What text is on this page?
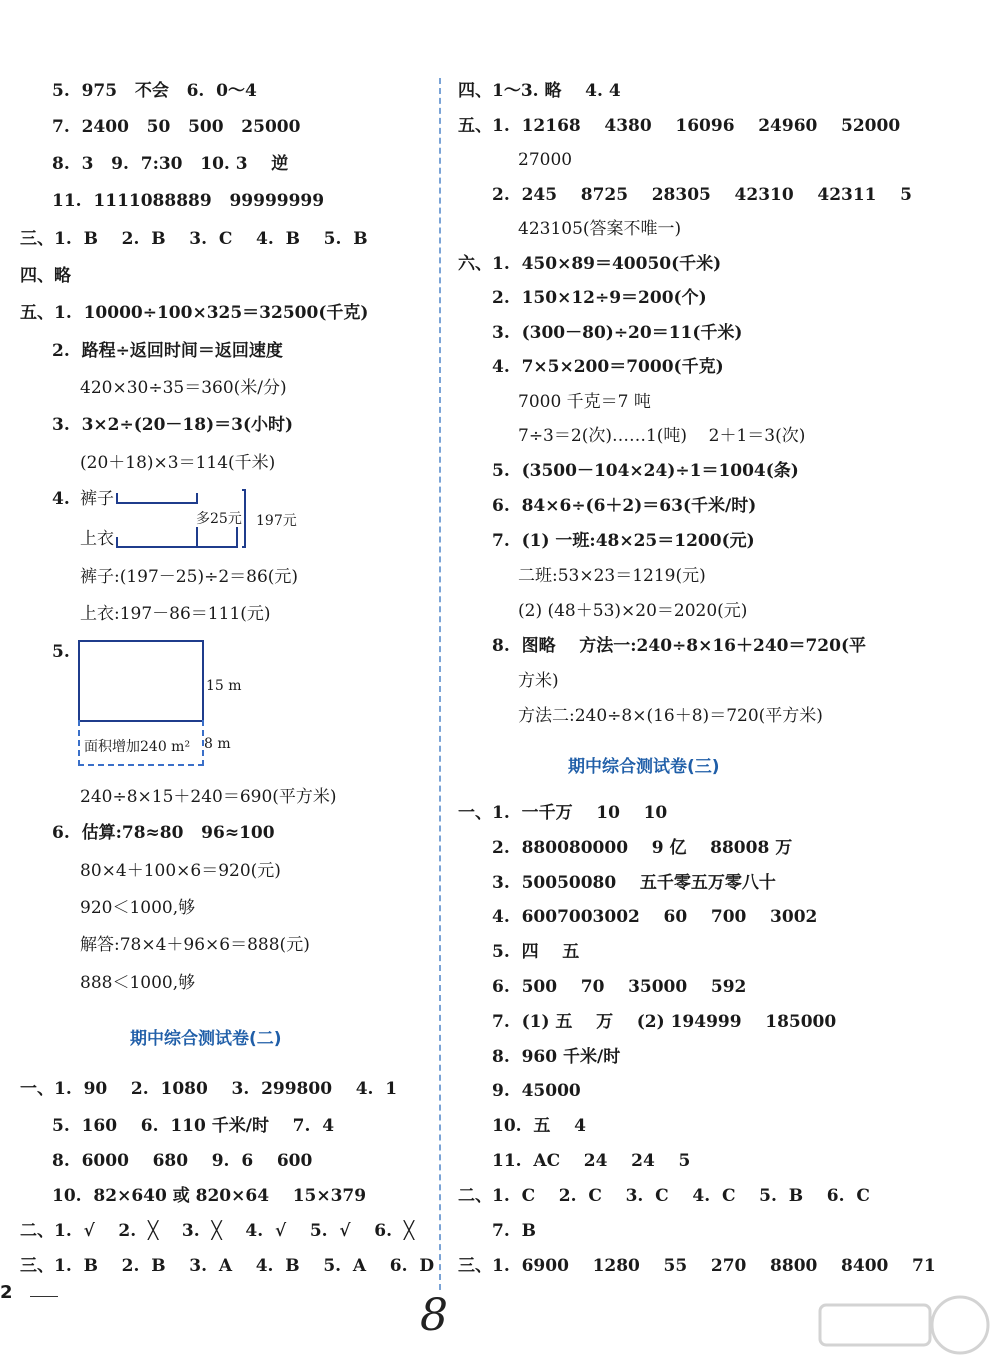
5.  975   不会   6.  0～4
7.  2400   50   500   25000
8.  3   9.  7:30   10. 3    逆
11.  1111088889   99999999
三、1.  B    2.  B    3.  C    4.  B    5.  B
四、略
五、1.  10000÷100×325＝32500(千克)
2.  路程÷返回时间＝返回速度
420×30÷35＝360(米/分)
3.  3×2÷(20－18)＝3(小时)
(20＋18)×3＝114(千米)
4. 裤子
上衣
多25元 197元
裤子:(197－25)÷2＝86(元)
上衣:197－86＝111(元)
5.
15 m
面积增加240 m² 8 m
240÷8×15＋240＝690(平方米)
6.  估算:78≈80   96≈100
80×4＋100×6＝920(元)
920＜1000,够
解答:78×4＋96×6＝888(元)
888＜1000,够
期中综合测试卷(二)
一、1.  90    2.  1080    3.  299800    4.  1
5.  160    6.  110 千米/时    7.  4
8.  6000    680    9.  6    600
10.  82×640 或 820×64    15×379
二、1.  √    2.  ╳    3.  ╳    4.  √    5.  √    6.  ╳
三、1.  B    2.  B    3.  A    4.  B    5.  A    6.  D
四、1～3. 略    4. 4
五、1.  12168    4380    16096    24960    52000
27000
2.  245    8725    28305    42310    42311    5
423105(答案不唯一)
六、1.  450×89＝40050(千米)
2.  150×12÷9＝200(个)
3.  (300－80)÷20＝11(千米)
4.  7×5×200＝7000(千克)
7000 千克＝7 吨
7÷3＝2(次)……1(吨)    2＋1＝3(次)
5.  (3500－104×24)÷1＝1004(条)
6.  84×6÷(6＋2)＝63(千米/时)
7.  (1) 一班:48×25＝1200(元)
二班:53×23＝1219(元)
(2) (48＋53)×20＝2020(元)
8.  图略    方法一:240÷8×16＋240＝720(平
方米)
方法二:240÷8×(16＋8)＝720(平方米)
期中综合测试卷(三)
一、1.  一千万    10    10
2.  880080000    9 亿    88008 万
3.  50050080    五千零五万零八十
4.  6007003002    60    700    3002
5.  四    五
6.  500    70    35000    592
7.  (1) 五    万    (2) 194999    185000
8.  960 千米/时
9.  45000
10.  五    4
11.  AC    24    24    5
二、1.  C    2.  C    3.  C    4.  C    5.  B    6.  C
7.  B
三、1.  6900    1280    55    270    8800    8400    71
2	8
